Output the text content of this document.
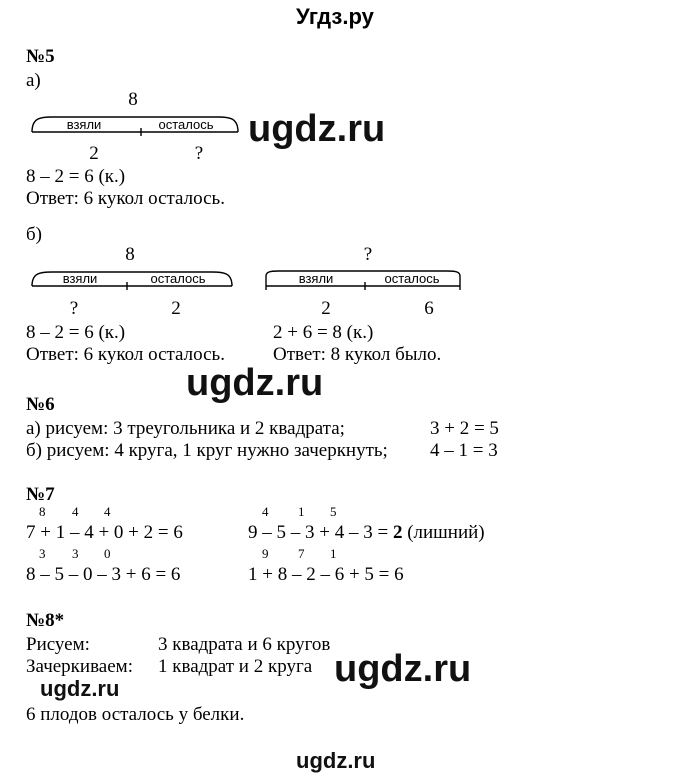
Угдз.ру
№5
а)
8
взяли	осталось
2	?
ugdz.ru
8 – 2 = 6 (к.)
Ответ: 6 кукол осталось.
б)
8
взяли	осталось
?	2
?
взяли	осталось
2	6
8 – 2 = 6 (к.)
Ответ: 6 кукол осталось.
2 + 6 = 8 (к.)
Ответ: 8 кукол было.
ugdz.ru
№6
а) рисуем: 3 треугольника и 2 квадрата;	3 + 2 = 5
б) рисуем: 4 круга, 1 круг нужно зачеркнуть; 4 – 1 = 3
№7
8 4 4
7 + 1 – 4 + 0 + 2 = 6
4 1 5
9 – 5 – 3 + 4 – 3 = 2 (лишний)
3 3 0
8 – 5 – 0 – 3 + 6 = 6
9 7 1
1 + 8 – 2 – 6 + 5 = 6
№8*
Рисуем:	3 квадрата и 6 кругов
Зачеркиваем: 1 квадрат и 2 круга ugdz.ru
ugdz.ru
6 плодов осталось у белки.
ugdz.ru
